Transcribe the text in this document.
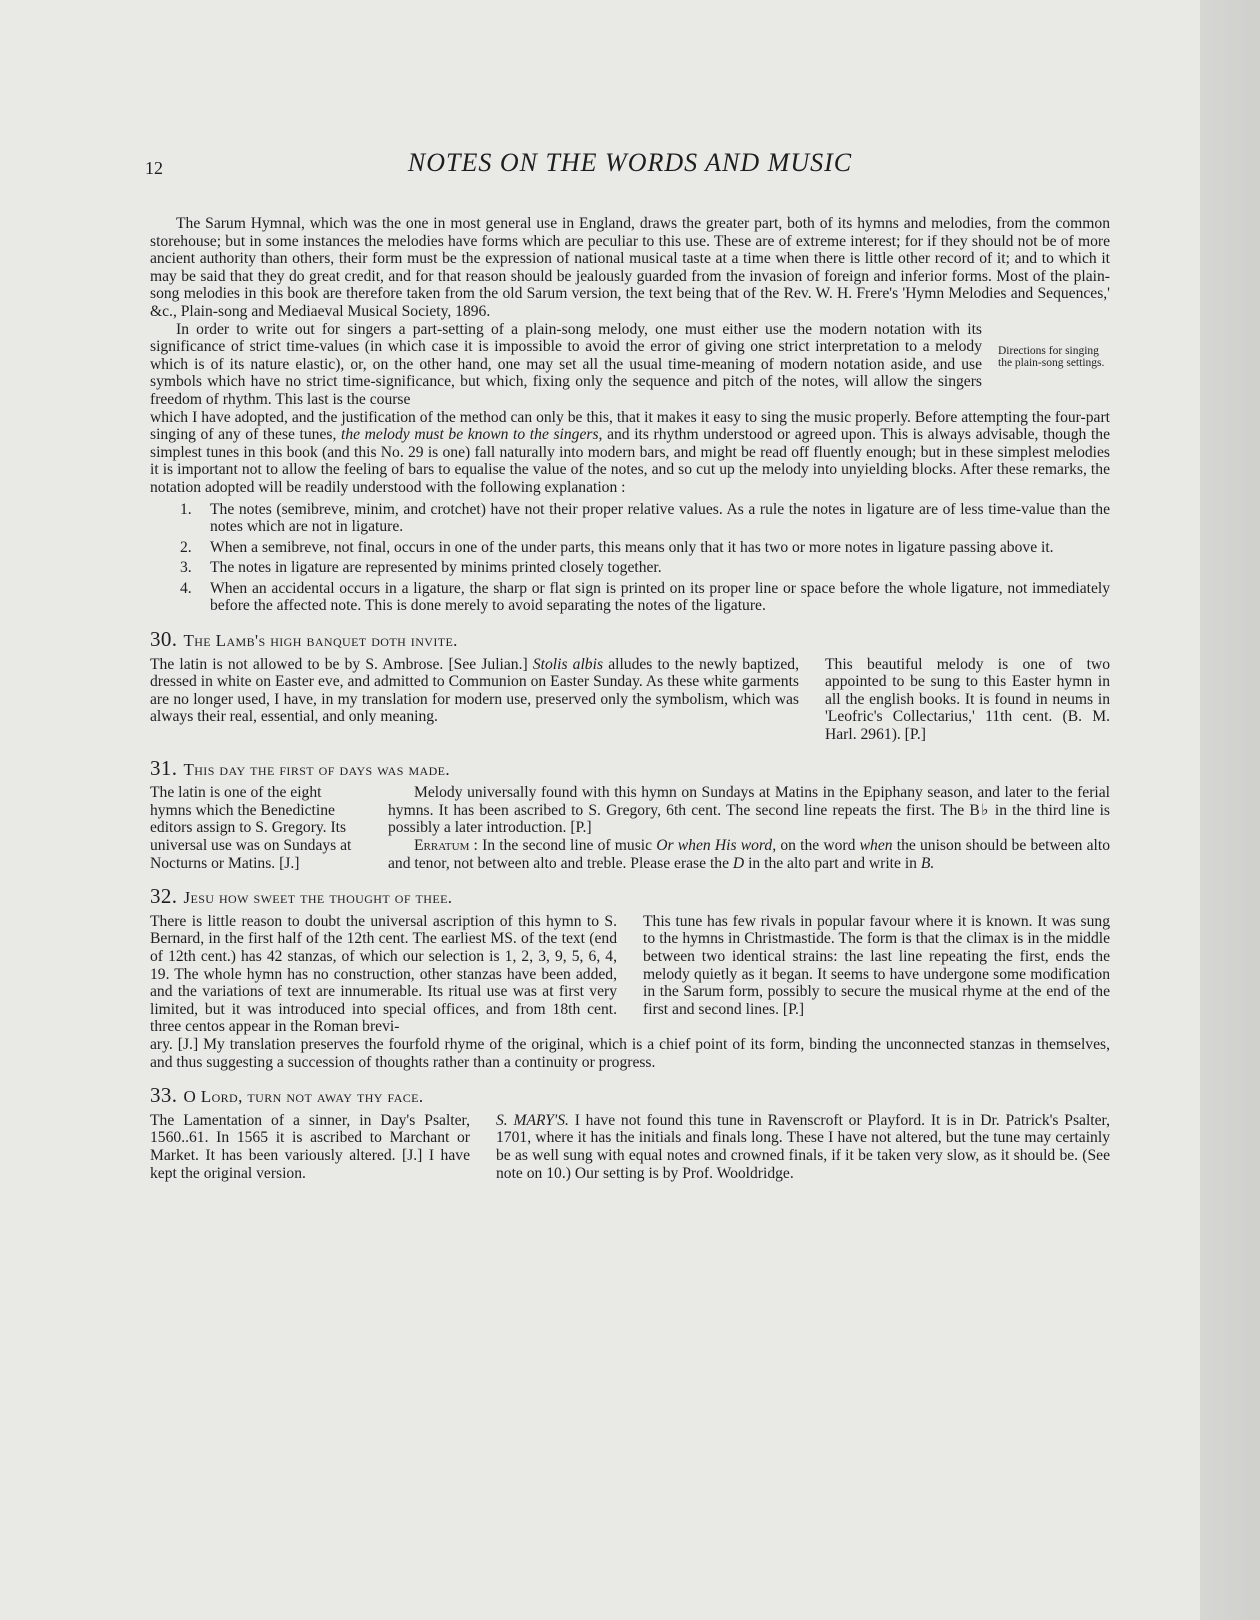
12	NOTES ON THE WORDS AND MUSIC

The Sarum Hymnal, which was the one in most general use in England, draws the greater part, both of its hymns and melodies, from the common storehouse; but in some instances the melodies have forms which are peculiar to this use. These are of extreme interest; for if they should not be of more ancient authority than others, their form must be the expression of national musical taste at a time when there is little other record of it; and to which it may be said that they do great credit, and for that reason should be jealously guarded from the invasion of foreign and inferior forms. Most of the plain-song melodies in this book are therefore taken from the old Sarum version, the text being that of the Rev. W. H. Frere's 'Hymn Melodies and Sequences,' &c., Plain-song and Mediaeval Musical Society, 1896.

In order to write out for singers a part-setting of a plain-song melody, one must either use the modern notation with its significance of strict time-values (in which case it is impossible to avoid the error of giving one strict interpretation to a melody which is of its nature elastic), or, on the other hand, one may set all the usual time-meaning of modern notation aside, and use symbols which have no strict time-significance, but which, fixing only the sequence and pitch of the notes, will allow the singers freedom of rhythm. This last is the course

Directions for singing the plain-song settings.

which I have adopted, and the justification of the method can only be this, that it makes it easy to sing the music properly. Before attempting the four-part singing of any of these tunes, the melody must be known to the singers, and its rhythm understood or agreed upon. This is always advisable, though the simplest tunes in this book (and this No. 29 is one) fall naturally into modern bars, and might be read off fluently enough; but in these simplest melodies it is important not to allow the feeling of bars to equalise the value of the notes, and so cut up the melody into unyielding blocks. After these remarks, the notation adopted will be readily understood with the following explanation :

1.	The notes (semibreve, minim, and crotchet) have not their proper relative values. As a rule the notes in ligature are of less time-value than the notes which are not in ligature.
2.	When a semibreve, not final, occurs in one of the under parts, this means only that it has two or more notes in ligature passing above it.
3.	The notes in ligature are represented by minims printed closely together.
4.	When an accidental occurs in a ligature, the sharp or flat sign is printed on its proper line or space before the whole ligature, not immediately before the affected note. This is done merely to avoid separating the notes of the ligature.
30. The Lamb's high banquet doth invite.
The latin is not allowed to be by S. Ambrose. [See Julian.] Stolis albis alludes to the newly baptized, dressed in white on Easter eve, and admitted to Communion on Easter Sunday. As these white garments are no longer used, I have, in my translation for modern use, preserved only the symbolism, which was always their real, essential, and only meaning.
This beautiful melody is one of two appointed to be sung to this Easter hymn in all the english books. It is found in neums in 'Leofric's Collectarius,' 11th cent. (B. M. Harl. 2961). [P.]
31. This day the first of days was made.
The latin is one of the eight hymns which the Benedictine editors assign to S. Gregory. Its universal use was on Sundays at Nocturns or Matins. [J.]
Melody universally found with this hymn on Sundays at Matins in the Epiphany season, and later to the ferial hymns. It has been ascribed to S. Gregory, 6th cent. The second line repeats the first. The B♭ in the third line is possibly a later introduction. [P.]
Erratum : In the second line of music Or when His word, on the word when the unison should be between alto and tenor, not between alto and treble. Please erase the D in the alto part and write in B.
32. Jesu how sweet the thought of thee.
There is little reason to doubt the universal ascription of this hymn to S. Bernard, in the first half of the 12th cent. The earliest MS. of the text (end of 12th cent.) has 42 stanzas, of which our selection is 1, 2, 3, 9, 5, 6, 4, 19. The whole hymn has no construction, other stanzas have been added, and the variations of text are innumerable. Its ritual use was at first very limited, but it was introduced into special offices, and from 18th cent. three centos appear in the Roman brevi-
This tune has few rivals in popular favour where it is known. It was sung to the hymns in Christmastide. The form is that the climax is in the middle between two identical strains: the last line repeating the first, ends the melody quietly as it began. It seems to have undergone some modification in the Sarum form, possibly to secure the musical rhyme at the end of the first and second lines. [P.]
ary. [J.] My translation preserves the fourfold rhyme of the original, which is a chief point of its form, binding the unconnected stanzas in themselves, and thus suggesting a succession of thoughts rather than a continuity or progress.
33. O Lord, turn not away thy face.
The Lamentation of a sinner, in Day's Psalter, 1560..61. In 1565 it is ascribed to Marchant or Market. It has been variously altered. [J.] I have kept the original version.
S. MARY'S. I have not found this tune in Ravenscroft or Playford. It is in Dr. Patrick's Psalter, 1701, where it has the initials and finals long. These I have not altered, but the tune may certainly be as well sung with equal notes and crowned finals, if it be taken very slow, as it should be. (See note on 10.) Our setting is by Prof. Wooldridge.
